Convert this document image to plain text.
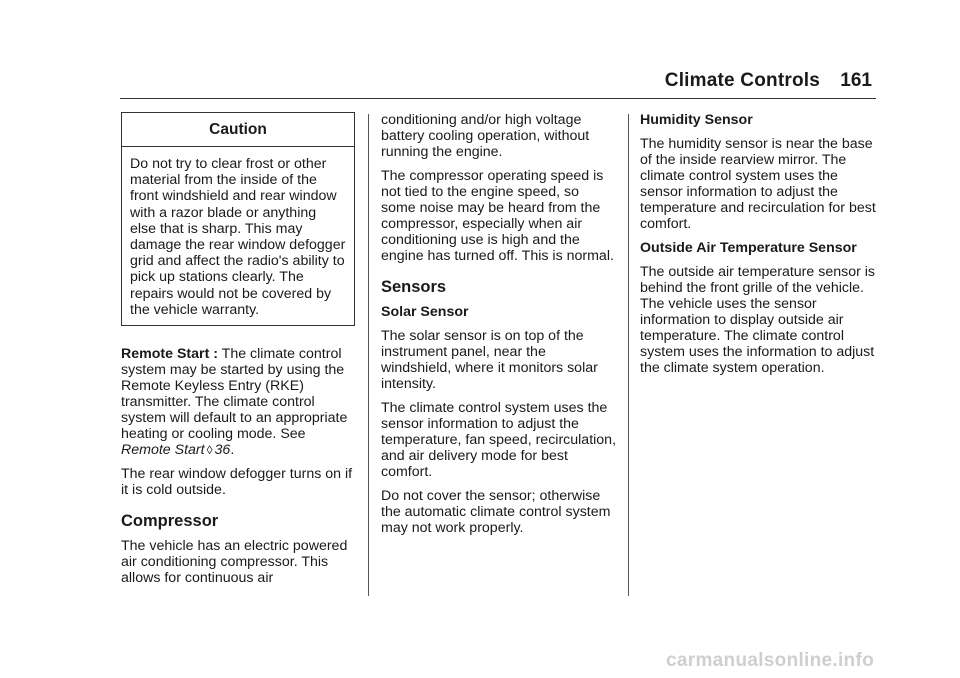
Climate Controls 161
Caution
Do not try to clear frost or other material from the inside of the front windshield and rear window with a razor blade or anything else that is sharp. This may damage the rear window defogger grid and affect the radio's ability to pick up stations clearly. The repairs would not be covered by the vehicle warranty.

Remote Start : The climate control system may be started by using the Remote Keyless Entry (RKE) transmitter. The climate control system will default to an appropriate heating or cooling mode. See Remote Start ◊ 36.

The rear window defogger turns on if it is cold outside.

Compressor

The vehicle has an electric powered air conditioning compressor. This allows for continuous air

conditioning and/or high voltage battery cooling operation, without running the engine.

The compressor operating speed is not tied to the engine speed, so some noise may be heard from the compressor, especially when air conditioning use is high and the engine has turned off. This is normal.

Sensors
Solar Sensor

The solar sensor is on top of the instrument panel, near the windshield, where it monitors solar intensity.

The climate control system uses the sensor information to adjust the temperature, fan speed, recirculation, and air delivery mode for best comfort.

Do not cover the sensor; otherwise the automatic climate control system may not work properly.

Humidity Sensor

The humidity sensor is near the base of the inside rearview mirror. The climate control system uses the sensor information to adjust the temperature and recirculation for best comfort.

Outside Air Temperature Sensor

The outside air temperature sensor is behind the front grille of the vehicle. The vehicle uses the sensor information to display outside air temperature. The climate control system uses the information to adjust the climate system operation.

carmanualsonline.info
